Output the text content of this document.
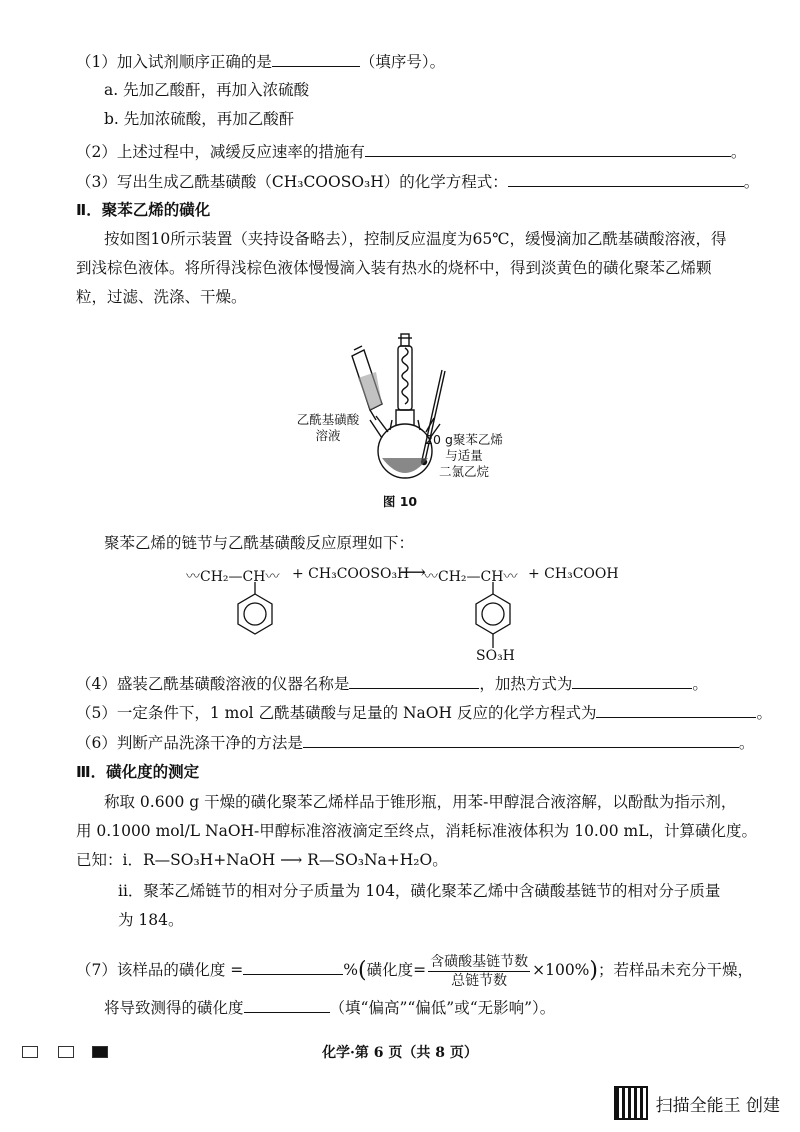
（1）加入试剂顺序正确的是	（填序号）。
a. 先加乙酸酐，再加入浓硫酸
b. 先加浓硫酸，再加乙酸酐
（2）上述过程中，减缓反应速率的措施有	。
（3）写出生成乙酰基磺酸（CH₃COOSO₃H）的化学方程式：	。
Ⅱ．聚苯乙烯的磺化
按如图10所示装置（夹持设备略去），控制反应温度为65℃，缓慢滴加乙酰基磺酸溶液，得
到浅棕色液体。将所得浅棕色液体慢慢滴入装有热水的烧杯中，得到淡黄色的磺化聚苯乙烯颗
粒，过滤、洗涤、干燥。
乙酰基磺酸
溶液	20 g聚苯乙烯
与适量
二氯乙烷
图 10
聚苯乙烯的链节与乙酰基磺酸反应原理如下：
〰CH₂—CH〰 + CH₃COOSO₃H
⟶
〰CH₂—CH〰 + CH₃COOH
SO₃H
（4）盛装乙酰基磺酸溶液的仪器名称是	，加热方式为	。
（5）一定条件下，1 mol 乙酰基磺酸与足量的 NaOH 反应的化学方程式为	。
（6）判断产品洗涤干净的方法是	。
Ⅲ．磺化度的测定
称取 0.600 g 干燥的磺化聚苯乙烯样品于锥形瓶，用苯-甲醇混合液溶解，以酚酞为指示剂，
用 0.1000 mol/L NaOH-甲醇标准溶液滴定至终点，消耗标准液体积为 10.00 mL，计算磺化度。
已知：ⅰ．R—SO₃H+NaOH ⟶ R—SO₃Na+H₂O。
ⅱ．聚苯乙烯链节的相对分子质量为 104，磺化聚苯乙烯中含磺酸基链节的相对分子质量
为 184。
（7）该样品的磺化度 =	%(磺化度= $\frac{\text{含磺酸基链节数}}{\text{总链节数}} \times 100\%$)；若样品未充分干燥，
将导致测得的磺化度	（填“偏高”“偏低”或“无影响”）。
化学·第 6 页（共 8 页）
扫描全能王 创建
